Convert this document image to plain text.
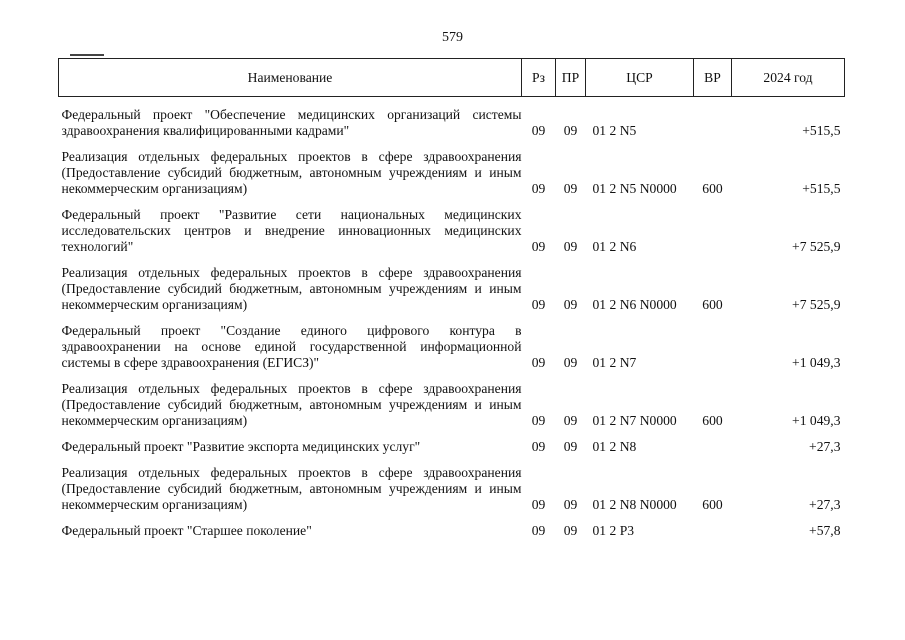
579
Наименование	Рз	ПР	ЦСР	ВР	2024 год

Федеральный проект "Обеспечение медицинских организаций системы здравоохранения квалифицированными кадрами"	09	09	01 2 N5		+515,5

Реализация отдельных федеральных проектов в сфере здравоохранения (Предоставление субсидий бюджетным, автономным учреждениям и иным некоммерческим организациям)	09	09	01 2 N5 N0000	600	+515,5

Федеральный проект "Развитие сети национальных медицинских исследовательских центров и внедрение инновационных медицинских технологий"	09	09	01 2 N6		+7 525,9

Реализация отдельных федеральных проектов в сфере здравоохранения (Предоставление субсидий бюджетным, автономным учреждениям и иным некоммерческим организациям)	09	09	01 2 N6 N0000	600	+7 525,9

Федеральный проект "Создание единого цифрового контура в здравоохранении на основе единой государственной информационной системы в сфере здравоохранения (ЕГИСЗ)"	09	09	01 2 N7		+1 049,3

Реализация отдельных федеральных проектов в сфере здравоохранения (Предоставление субсидий бюджетным, автономным учреждениям и иным некоммерческим организациям)	09	09	01 2 N7 N0000	600	+1 049,3

Федеральный проект "Развитие экспорта медицинских услуг"	09	09	01 2 N8		+27,3

Реализация отдельных федеральных проектов в сфере здравоохранения (Предоставление субсидий бюджетным, автономным учреждениям и иным некоммерческим организациям)	09	09	01 2 N8 N0000	600	+27,3

Федеральный проект "Старшее поколение"	09	09	01 2 P3		+57,8
